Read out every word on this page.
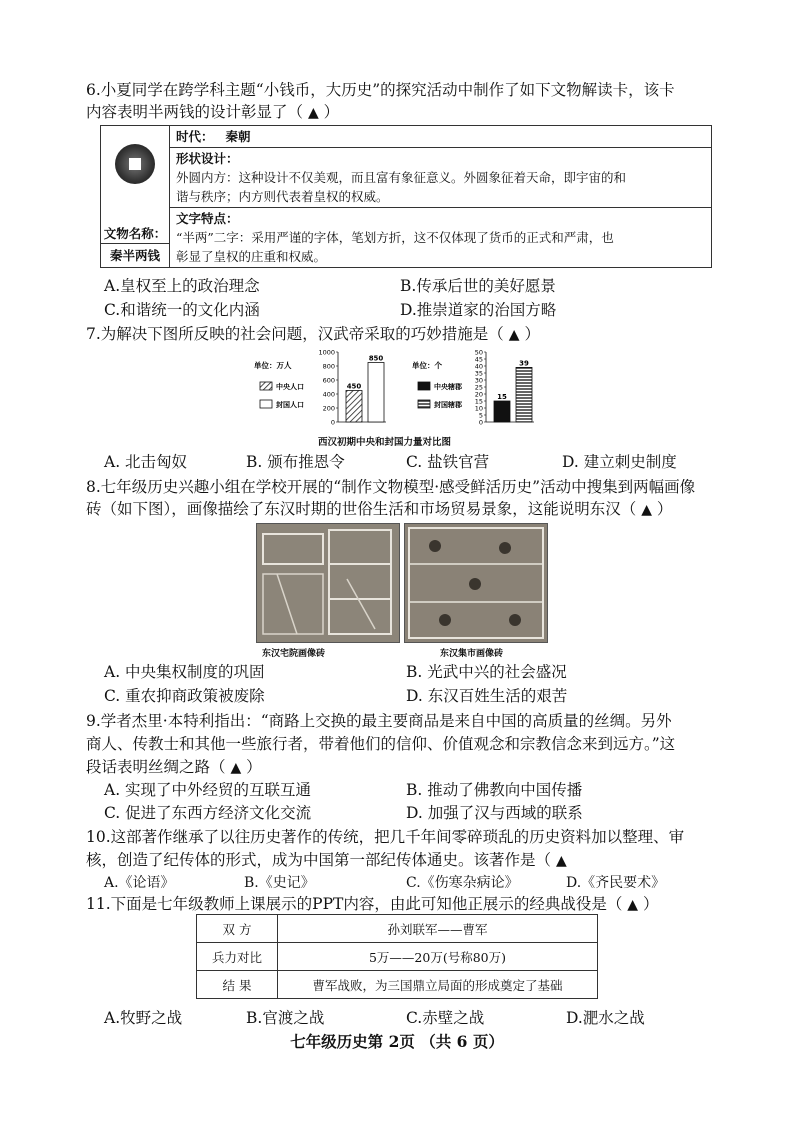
6.小夏同学在跨学科主题“小钱币，大历史”的探究活动中制作了如下文物解读卡，该卡
内容表明半两钱的设计彰显了（ ▲ ）
文物名称：
秦半两钱
	时代： 秦朝

形状设计：
外圆内方：这种设计不仅美观，而且富有象征意义。外圆象征着天命，即宇宙的和
谐与秩序；内方则代表着皇权的权威。

文字特点：
“半两”二字：采用严谨的字体，笔划方折，这不仅体现了货币的正式和严肃，也
彰显了皇权的庄重和权威。
A.皇权至上的政治理念	B.传承后世的美好愿景
C.和谐统一的文化内涵	D.推崇道家的治国方略
7.为解决下图所反映的社会问题，汉武帝采取的巧妙措施是（ ▲ ）
单位：万人
中央人口
封国人口
0
200
400
600
800
1000
450
850
单位：个
中央辖郡
封国辖郡
0
5
10
15
20
25
30
35
40
45
50
15
39
西汉初期中央和封国力量对比图
A. 北击匈奴	B. 颁布推恩令	C. 盐铁官营	D. 建立刺史制度
8.七年级历史兴趣小组在学校开展的“制作文物模型·感受鲜活历史”活动中搜集到两幅画像
砖（如下图），画像描绘了东汉时期的世俗生活和市场贸易景象，这能说明东汉（ ▲ ）
东汉宅院画像砖	东汉集市画像砖
A. 中央集权制度的巩固	B. 光武中兴的社会盛况
C. 重农抑商政策被废除	D. 东汉百姓生活的艰苦
9.学者杰里·本特利指出：“商路上交换的最主要商品是来自中国的高质量的丝绸。另外
商人、传教士和其他一些旅行者，带着他们的信仰、价值观念和宗教信念来到远方。”这
段话表明丝绸之路（ ▲ ）
A. 实现了中外经贸的互联互通	B. 推动了佛教向中国传播
C. 促进了东西方经济文化交流	D. 加强了汉与西域的联系
10.这部著作继承了以往历史著作的传统，把几千年间零碎琐乱的历史资料加以整理、审
核，创造了纪传体的形式，成为中国第一部纪传体通史。该著作是（ ▲
A.《论语》	B.《史记》	C.《伤寒杂病论》	D.《齐民要术》
11.下面是七年级教师上课展示的PPT内容，由此可知他正展示的经典战役是（ ▲ ）
双 方	孙刘联军——曹军
兵力对比	5万——20万(号称80万)
结 果	曹军战败，为三国鼎立局面的形成奠定了基础
A.牧野之战	B.官渡之战	C.赤壁之战	D.淝水之战
七年级历史第 2页 （共 6 页）
